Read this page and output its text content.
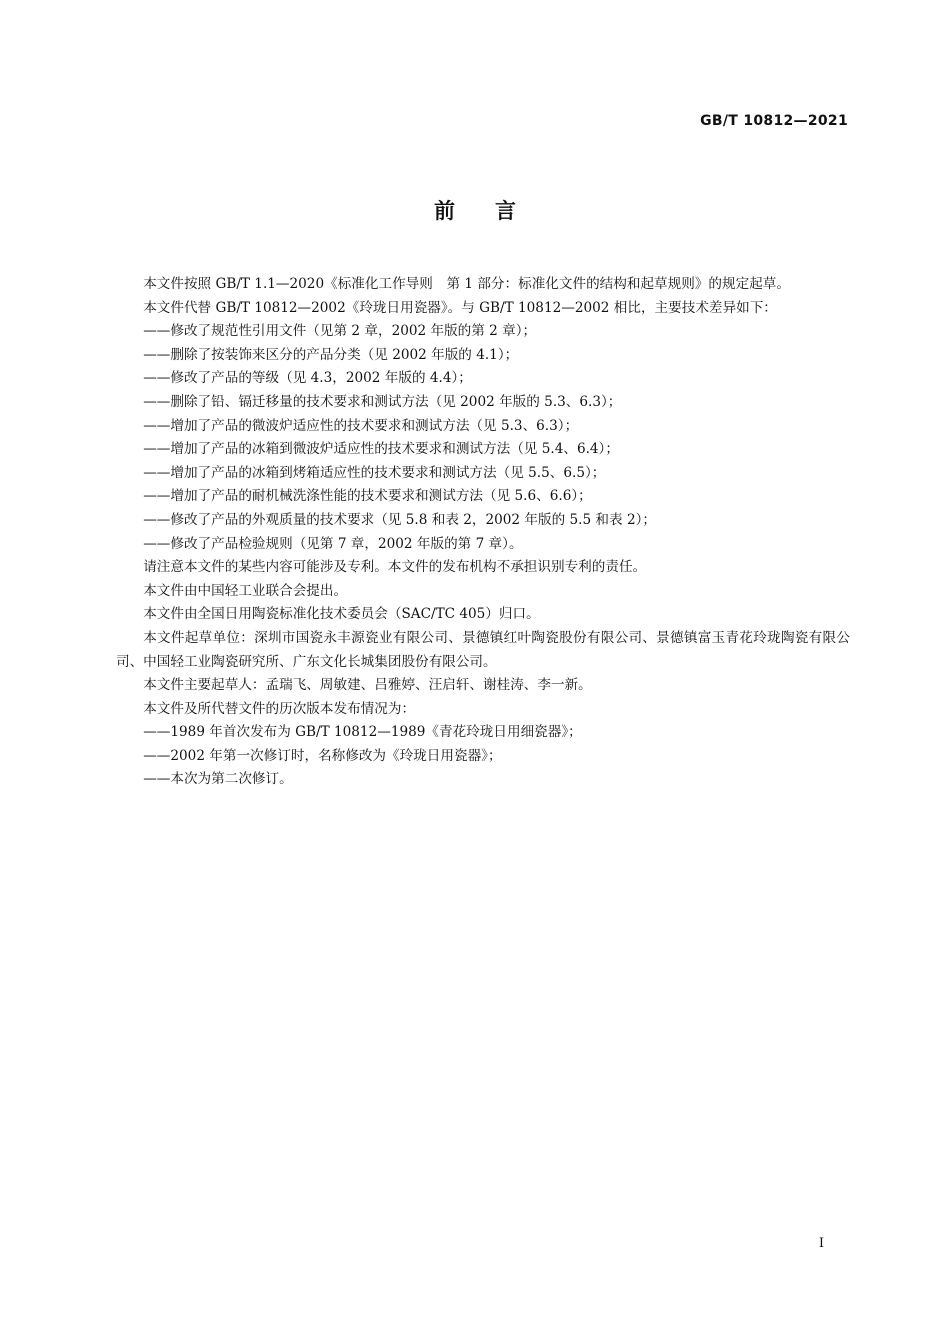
GB/T 10812—2021
前言

本文件按照 GB/T 1.1—2020《标准化工作导则　第 1 部分：标准化文件的结构和起草规则》的规定起草。

本文件代替 GB/T 10812—2002《玲珑日用瓷器》。与 GB/T 10812—2002 相比，主要技术差异如下：

——修改了规范性引用文件（见第 2 章，2002 年版的第 2 章）；

——删除了按装饰来区分的产品分类（见 2002 年版的 4.1）；

——修改了产品的等级（见 4.3，2002 年版的 4.4）；

——删除了铅、镉迁移量的技术要求和测试方法（见 2002 年版的 5.3、6.3）；

——增加了产品的微波炉适应性的技术要求和测试方法（见 5.3、6.3）；

——增加了产品的冰箱到微波炉适应性的技术要求和测试方法（见 5.4、6.4）；

——增加了产品的冰箱到烤箱适应性的技术要求和测试方法（见 5.5、6.5）；

——增加了产品的耐机械洗涤性能的技术要求和测试方法（见 5.6、6.6）；

——修改了产品的外观质量的技术要求（见 5.8 和表 2，2002 年版的 5.5 和表 2）；

——修改了产品检验规则（见第 7 章，2002 年版的第 7 章）。

请注意本文件的某些内容可能涉及专利。本文件的发布机构不承担识别专利的责任。

本文件由中国轻工业联合会提出。

本文件由全国日用陶瓷标准化技术委员会（SAC/TC 405）归口。

本文件起草单位：深圳市国瓷永丰源瓷业有限公司、景德镇红叶陶瓷股份有限公司、景德镇富玉青花玲珑陶瓷有限公司、中国轻工业陶瓷研究所、广东文化长城集团股份有限公司。

本文件主要起草人：孟瑞飞、周敏建、吕雅婷、汪启轩、谢桂涛、李一新。

本文件及所代替文件的历次版本发布情况为：

——1989 年首次发布为 GB/T 10812—1989《青花玲珑日用细瓷器》；

——2002 年第一次修订时，名称修改为《玲珑日用瓷器》；

——本次为第二次修订。

I
